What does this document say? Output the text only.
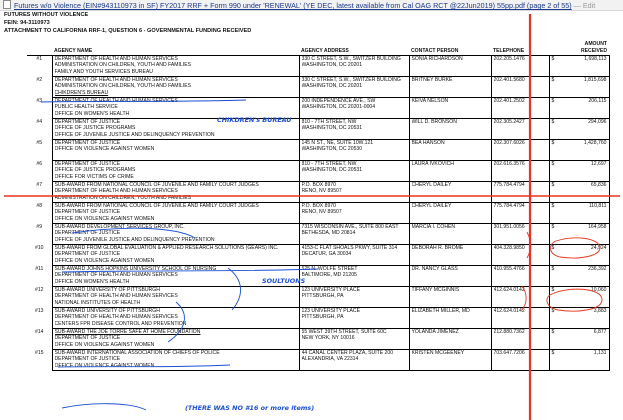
Futures w/o Violence (EIN#943110973 in SF) FY2017 RRF + Form 990 under 'RENEWAL' (YE DEC, latest available from Cal OAG RCT @22Jun2019) 55pp.pdf (page 2 of 55) — Edit
FUTURES WITHOUT VIOLENCE
FEIN: 94-3110973
ATTACHMENT TO CALIFORNIA RRF-1, QUESTION 6 - GOVERNMENTAL FUNDING RECEIVED
	AGENCY NAME	AGENCY ADDRESS	CONTACT PERSON	TELEPHONE	AMOUNT
RECEIVED

#1	DEPARTMENT OF HEALTH AND HUMAN SERVICES
ADMINISTRATION ON CHILDREN, YOUTH AND FAMILIES
FAMILY AND YOUTH SERVICES BUREAU	330 C STREET, S.W., SWITZER BUILDING
WASHINGTON, DC 20201	SONIA RICHARDSON	202.205.1476	$ 1,698,113

#2	DEPARTMENT OF HEALTH AND HUMAN SERVICES
ADMINISTRATION ON CHILDREN, YOUTH AND FAMILIES
CHIKDREN'S BUREAU	330 C STREET, S.W., SWITZER BUILDING
WASHINGTON, DC 20201	BRITNEY BURKE	202.401.5680	$ 1,815,698

#3	DEPARTMENT OF HEALTH AND HUMAN SERVICES
PUBLIC HEALTH SERVICE
OFFICE ON WOMEN'S HEALTH	200 INDEPENDENCE AVE., SW
WASHINGTON, DC 20201-0004	KEIVA NELSON	202.401.2502	$ 206,115

#4	DEPARTMENT OF JUSTICE
OFFICE OF JUSTICE PROGRAMS
OFFICE OF JUVENILE JUSTICE AND DELINQUENCY PREVENTION	810 - 7TH STREET, NW
WASHINGTON, DC 20531	WILL D. BRONSON	202.305.2427	$ 294,096

#5	DEPARTMENT OF JUSTICE
OFFICE ON VIOLENCE AGAINST WOMEN	145 N ST., NE, SUITE 10W.121
WASHINGTON, DC 20530	BEA HANSON	202.307.6026	$ 1,428,760

#6	DEPARTMENT OF JUSTICE
OFFICE OF JUSTICE PROGRAMS
OFFICE FOR VICTIMS OF CRIME	810 - 7TH STREET, NW
WASHINGTON, DC 20531	LAURA IVKOVICH	202.616.3576	$ 12,697

#7	SUB-AWARD FROM NATIONAL COUNCIL OF JUVENILE AND FAMILY COURT JUDGES
DEPARTMENT OF HEALTH AND HUMAN SERVICES
ADMINISTRATION ON CHILDREN, YOUTH AND FAMILIES	P.O. BOX 8970
RENO, NV 89507	CHERYL DAILEY	775.784.4794	$ 65,836

#8	SUB-AWARD FROM NATIONAL COUNCIL OF JUVENILE AND FAMILY COURT JUDGES
DEPARTMENT OF JUSTICE
OFFICE ON VIOLENCE AGAINST WOMEN	P.O. BOX 8970
RENO, NV 89507	CHERYL DAILEY	775.784.4794	$ 110,811

#9	SUB-AWARD DEVELOPMENT SERVICES GROUP, INC.
DEPARTMENT OF JUSTICE
OFFICE OF JUVENILE JUSTICE AND DELINQUENCY PREVENTION	7315 WISCONSIN AVE., SUITE 800 EAST
BETHESDA, MD 20814	MARCIA I. COHEN	301.951.0056	$ 164,958

#10	SUB-AWARD FROM GLOBAL EVALUATION & APPLIED RESEARCH SOLUTIONS (GEARS) INC.
DEPARTMENT OF JUSTICE
OFFICE ON VIOLENCE AGAINST WOMEN	4153-C FLAT SHOALS PKWY, SUITE 314
DECATUR, GA 30034	DEBORAH R. BROME	404.328.9850	$ 24,924

#11	SUB-AWARD JOHNS HOPKINS UNIVERSITY SCHOOL OF NURSING
DEPARTMENT OF HEALTH AND HUMAN SERVICES
OFFICE ON WOMEN'S HEALTH	525 N. WOLFE STREET
BALTIMORE, MD 21205	DR. NANCY GLASS	410.955.4766	$ 236,392

#12	SUB-AWARD UNIVERSITY OF PITTSBURGH
DEPARTMENT OF HEALTH AND HUMAN SERVICES
NATIONAL INSTITUTES OF HEALTH	123 UNIVERSITY PLACE
PITTSBURGH, PA	TIFFANY MCGINNIS	412.624.0142	$ 10,060

#13	SUB-AWARD UNIVERSITY OF PITTSBURGH
DEPARTMENT OF HEALTH AND HUMAN SERVICES
CENTERS FPR DISEASE CONTROL AND PREVENTION	123 UNIVERSITY PLACE
PITTSBURGH, PA	ELIZABETH MILLER, MD	412.624.0142	$ 3,883

#14	SUB-AWARD THE JOE TORRE SAFE AT HOME FOUNDATION
DEPARTMENT OF JUSTICE
OFFICE ON VIOLENCE AGAINST WOMEN	55 WEST 39TH STREET, SUITE 60C
NEW YORK, NY 10016	YOLANDA JIMENEZ	212.880.7362	$ 6,877

#15	SUB-AWARD INTERNATIONAL ASSOCIATION OF CHIEFS OF POLICE
DEPARTMENT OF JUSTICE
OFFICE ON VIOLENCE AGAINST WOMEN	44 CANAL CENTER PLAZA, SUITE 200
ALEXANDRIA, VA 22314	KRISTEN MCGEENEY	703.647.7206	$ 1,131
CHIKDREN's BUREAU
SOULTUONS
(THERE WAS NO #16 or more items)
